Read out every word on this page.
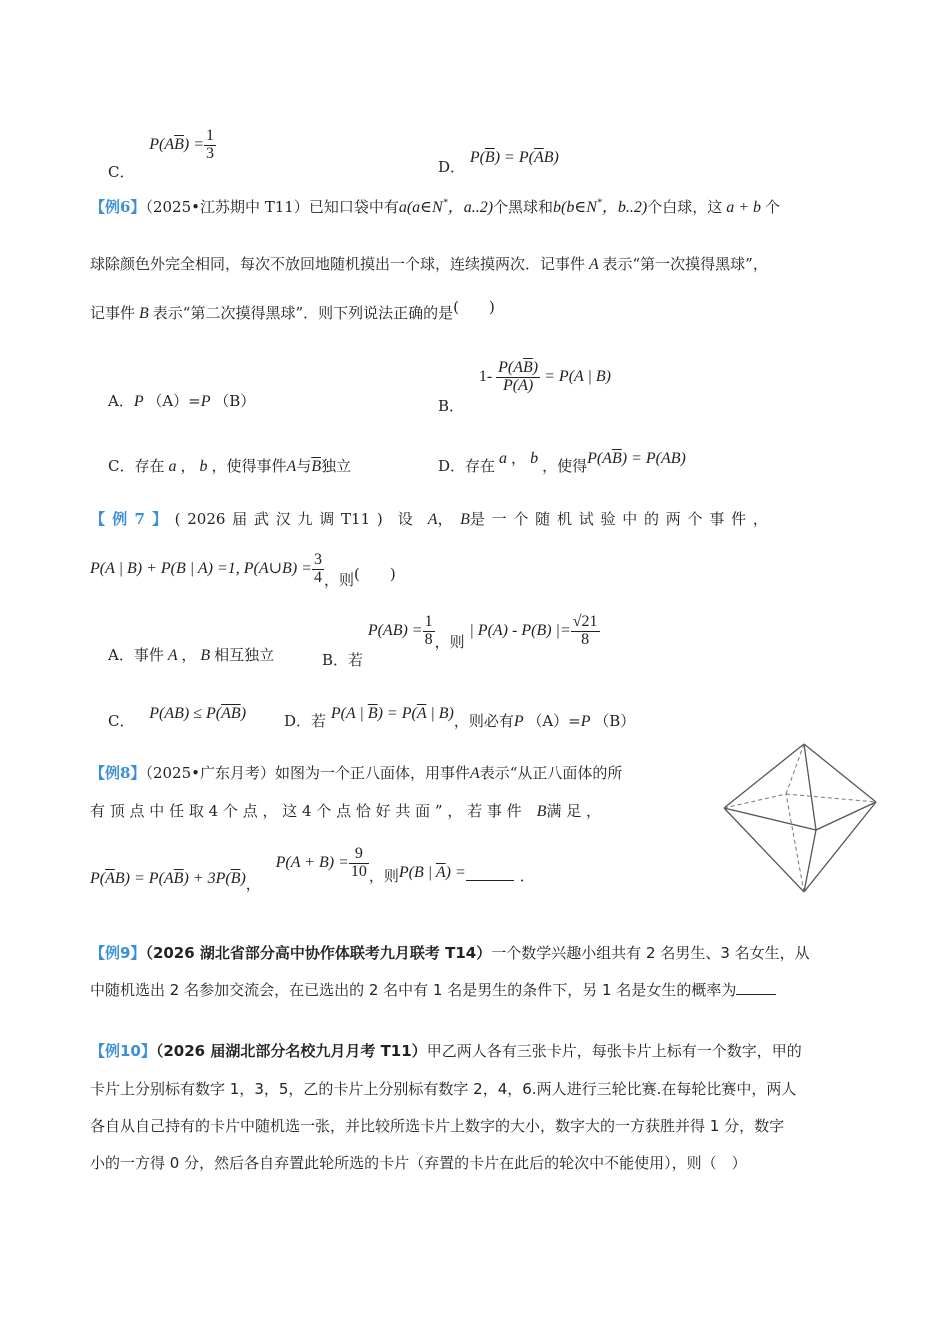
C． $P(A\overline{B}) = \frac{1}{3}$
D． $P(\overline{B}) = P(\overline{A}B)$
【例6】（2025•江苏期中 T11）已知口袋中有a(a∈N*，a..2)个黑球和b(b∈N*，b..2)个白球，这 a + b 个
球除颜色外完全相同，每次不放回地随机摸出一个球，连续摸两次．记事件 A 表示“第一次摸得黑球”，
记事件 B 表示“第二次摸得黑球”．则下列说法正确的是(　　)
A．P （A）=P （B）	B． $1- \frac{P(A\overline{B})}{P(A)} = P(A$ | B)
C．存在 a ， b ，使得事件A与$\overline{B}$独立	D．存在 a ， b ，使得$P(A\overline{B}) = P(AB)$
【 例 7 】　 ( 2026 届 武 汉 九 调 T11 )　 设　 A，　B是 一 个 随 机 试 验 中 的 两 个 事 件 ，
P(A | B) + P(B | A) =1, P(A∪B) = $\frac{3}{4}$ ，则(　　)
A．事件 A ， B 相互独立	B．若 $P(AB) = \frac{1}{8}$ ，则 | P(A) - P(B) |= $\frac{√21}{8}$
C． $P(AB) \le P(\overline{A}\overline{B})$	D．若 P(A | $\overline{B}) = P(\overline{A}$ | B)，则必有P （A）=P （B）
【例8】（2025•广东月考）如图为一个正八面体，用事件A表示“从正八面体的所
有 顶 点 中 任 取 4 个 点 ， 这 4 个 点 恰 好 共 面 ” ， 若 事 件　 B满 足 ，
$P(\overline{A}B) = P(A\overline{B}) + 3P(\overline{B})$， $P(A + B) = \frac{9}{10}$ ，则P(B | $\overline{A}$) =	．
【例9】（2026 湖北省部分高中协作体联考九月联考 T14）一个数学兴趣小组共有 2 名男生、3 名女生，从
中随机选出 2 名参加交流会，在已选出的 2 名中有 1 名是男生的条件下，另 1 名是女生的概率为
【例10】（2026 届湖北部分名校九月月考 T11）甲乙两人各有三张卡片，每张卡片上标有一个数字，甲的
卡片上分别标有数字 1，3，5，乙的卡片上分别标有数字 2，4，6.两人进行三轮比赛.在每轮比赛中，两人
各自从自己持有的卡片中随机选一张，并比较所选卡片上数字的大小，数字大的一方获胜并得 1 分，数字
小的一方得 0 分，然后各自弃置此轮所选的卡片（弃置的卡片在此后的轮次中不能使用），则（　）
